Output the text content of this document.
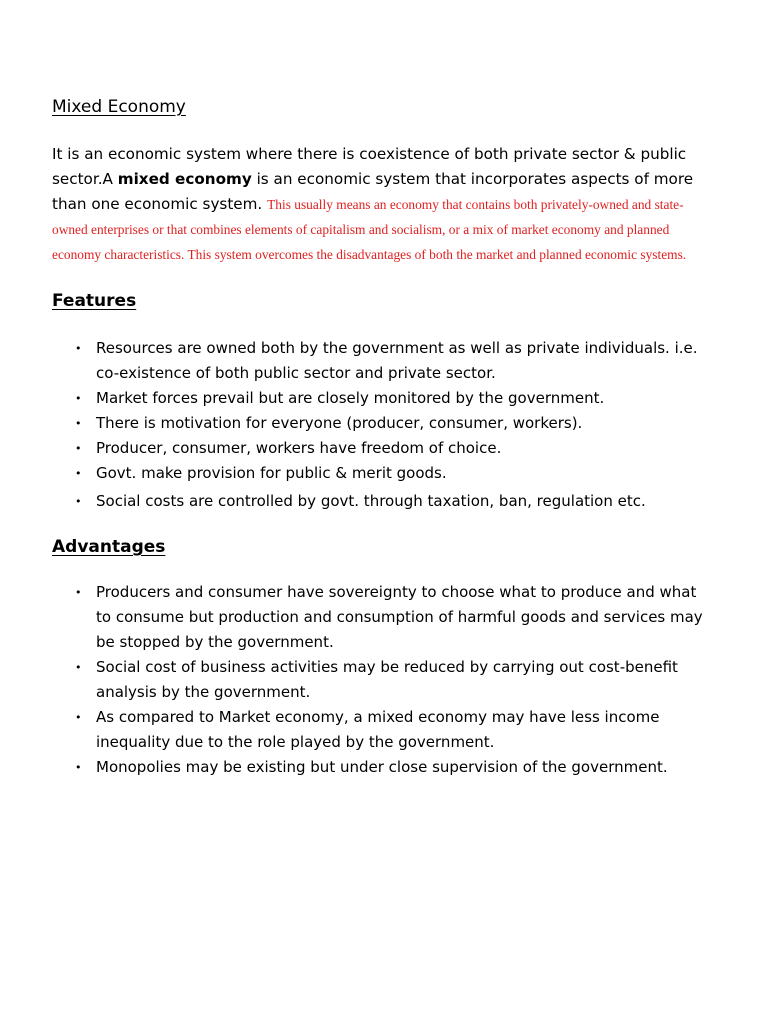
Mixed Economy
It is an economic system where there is coexistence of both private sector & public sector.A mixed economy is an economic system that incorporates aspects of more than one economic system. This usually means an economy that contains both privately-owned and state-owned enterprises or that combines elements of capitalism and socialism, or a mix of market economy and planned economy characteristics. This system overcomes the disadvantages of both the market and planned economic systems.
Features
• Resources are owned both by the government as well as private individuals. i.e. co-existence of both public sector and private sector.
• Market forces prevail but are closely monitored by the government.
• There is motivation for everyone (producer, consumer, workers).
• Producer, consumer, workers have freedom of choice.
• Govt. make provision for public & merit goods.
• Social costs are controlled by govt. through taxation, ban, regulation etc.
Advantages
• Producers and consumer have sovereignty to choose what to produce and what to consume but production and consumption of harmful goods and services may be stopped by the government.
• Social cost of business activities may be reduced by carrying out cost-benefit analysis by the government.
• As compared to Market economy, a mixed economy may have less income inequality due to the role played by the government.
• Monopolies may be existing but under close supervision of the government.
